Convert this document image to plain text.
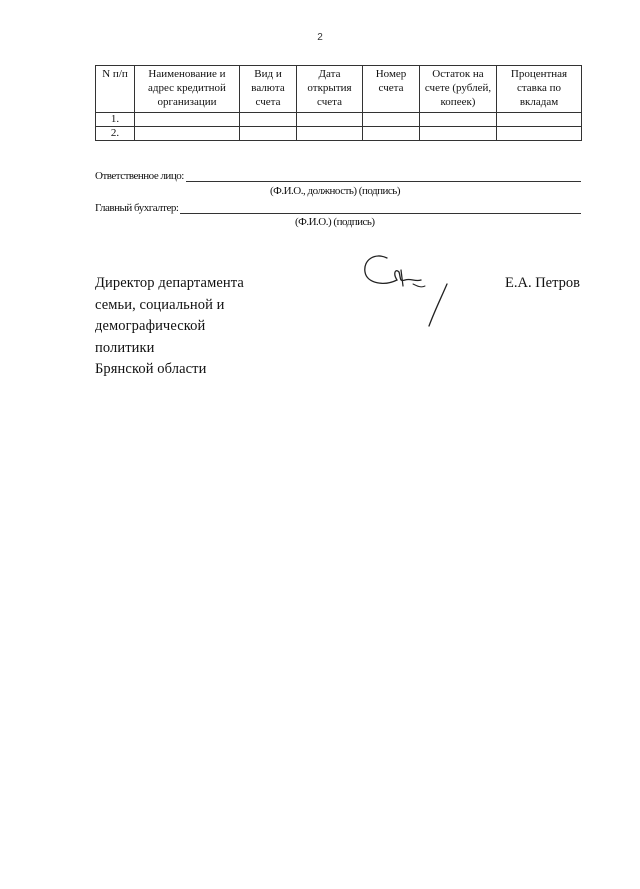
2
N п/п	Наименование и адрес кредитной организации	Вид и валюта счета	Дата открытия счета	Номер счета	Остаток на счете (рублей, копеек)	Процентная ставка по вкладам
1.						
2.						
Ответственное лицо:
(Ф.И.О., должность) (подпись)
Главный бухгалтер:
(Ф.И.О.) (подпись)
Директор департамента
семьи, социальной и
демографической
политики
Брянской области
Е.А. Петров
